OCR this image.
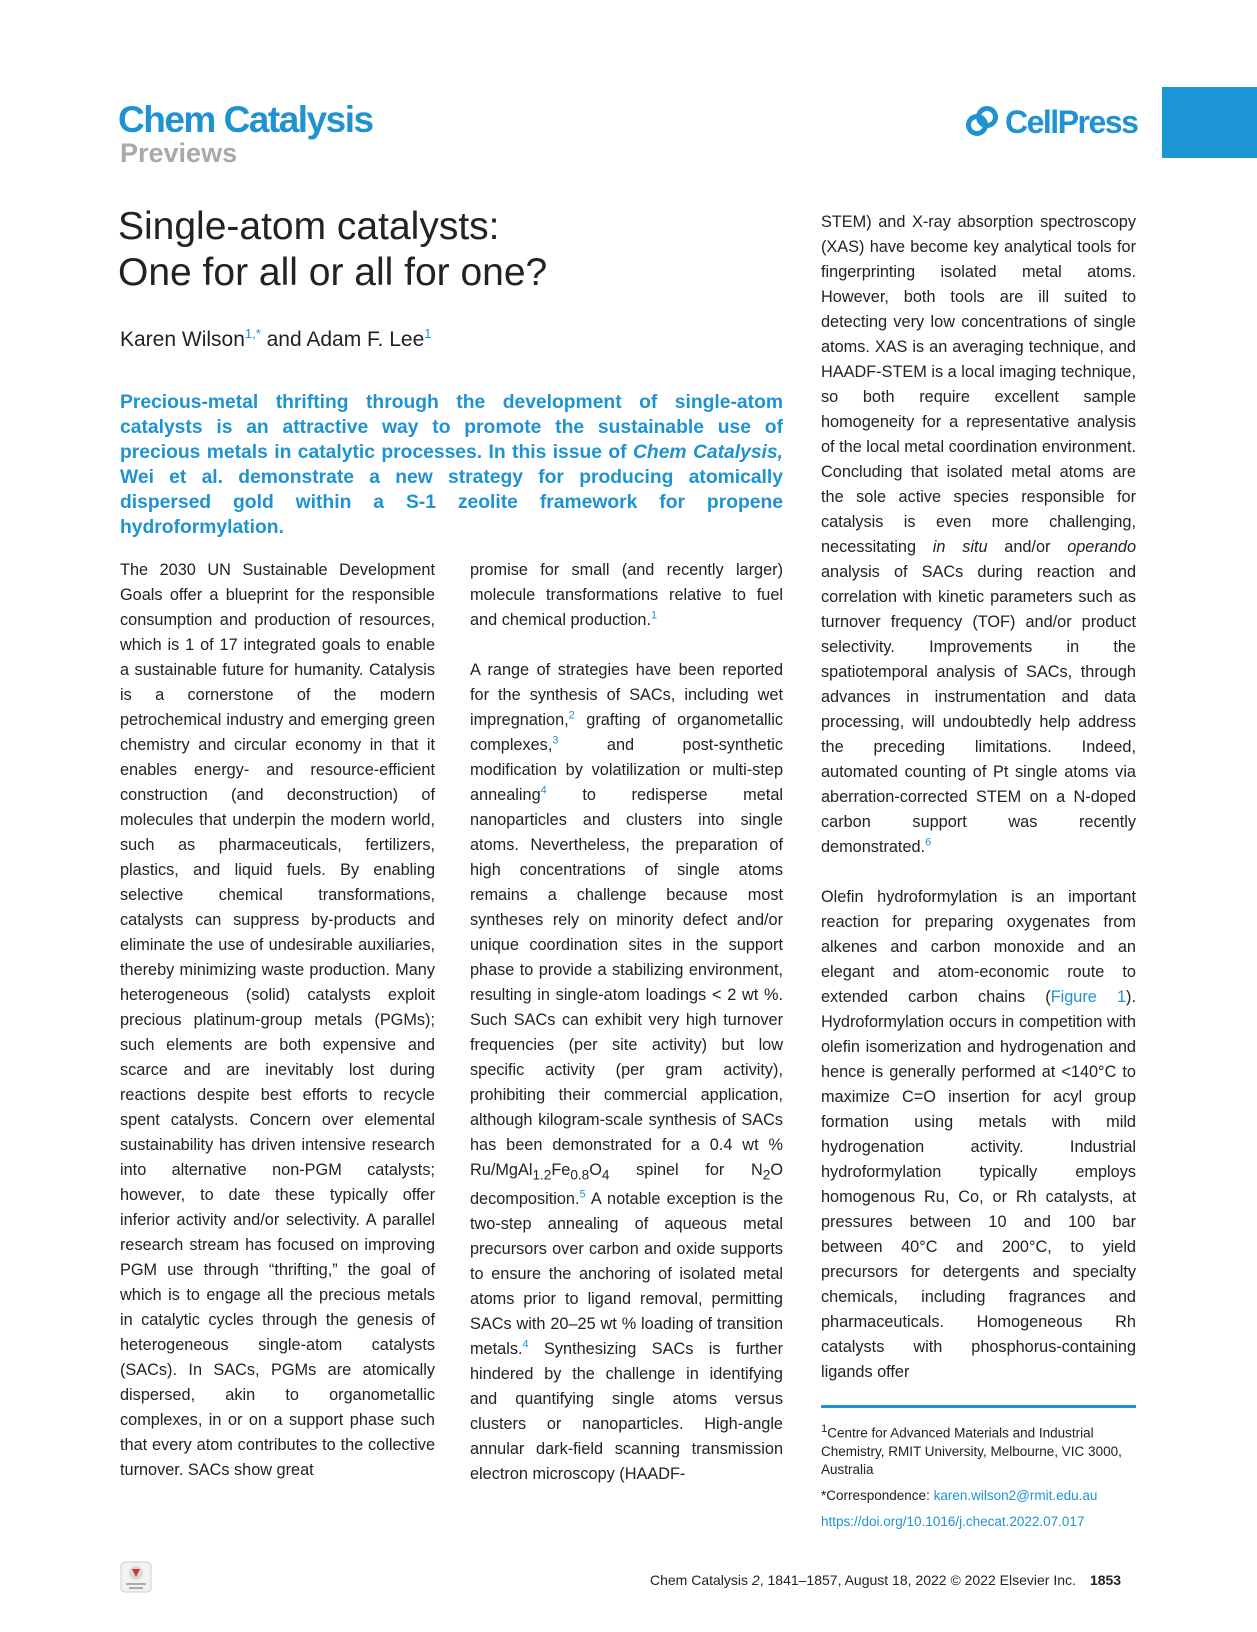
Chem Catalysis
Previews
CellPress
Single-atom catalysts:
One for all or all for one?
Karen Wilson$^{1,*}$ and Adam F. Lee$^1$
Precious-metal thrifting through the development of single-atom catalysts is an attractive way to promote the sustainable use of precious metals in catalytic processes. In this issue of Chem Catalysis, Wei et al. demonstrate a new strategy for producing atomically dispersed gold within a S-1 zeolite framework for propene hydroformylation.

The 2030 UN Sustainable Development Goals offer a blueprint for the responsible consumption and production of resources, which is 1 of 17 integrated goals to enable a sustainable future for humanity. Catalysis is a cornerstone of the modern petrochemical industry and emerging green chemistry and circular economy in that it enables energy- and resource-efficient construction (and deconstruction) of molecules that underpin the modern world, such as pharmaceuticals, fertilizers, plastics, and liquid fuels. By enabling selective chemical transformations, catalysts can suppress by-products and eliminate the use of undesirable auxiliaries, thereby minimizing waste production. Many heterogeneous (solid) catalysts exploit precious platinum-group metals (PGMs); such elements are both expensive and scarce and are inevitably lost during reactions despite best efforts to recycle spent catalysts. Concern over elemental sustainability has driven intensive research into alternative non-PGM catalysts; however, to date these typically offer inferior activity and/or selectivity. A parallel research stream has focused on improving PGM use through “thrifting,” the goal of which is to engage all the precious metals in catalytic cycles through the genesis of heterogeneous single-atom catalysts (SACs). In SACs, PGMs are atomically dispersed, akin to organometallic complexes, in or on a support phase such that every atom contributes to the collective turnover. SACs show great

promise for small (and recently larger) molecule transformations relative to fuel and chemical production.$^1$

A range of strategies have been reported for the synthesis of SACs, including wet impregnation,$^2$ grafting of organometallic complexes,$^3$ and post-synthetic modification by volatilization or multi-step annealing$^4$ to redisperse metal nanoparticles and clusters into single atoms. Nevertheless, the preparation of high concentrations of single atoms remains a challenge because most syntheses rely on minority defect and/or unique coordination sites in the support phase to provide a stabilizing environment, resulting in single-atom loadings < 2 wt %. Such SACs can exhibit very high turnover frequencies (per site activity) but low specific activity (per gram activity), prohibiting their commercial application, although kilogram-scale synthesis of SACs has been demonstrated for a 0.4 wt % $Ru/MgAl_{1.2}Fe_{0.8}O_4$ spinel for $N_2O$ decomposition.$^5$ A notable exception is the two-step annealing of aqueous metal precursors over carbon and oxide supports to ensure the anchoring of isolated metal atoms prior to ligand removal, permitting SACs with 20–25 wt % loading of transition metals.$^4$ Synthesizing SACs is further hindered by the challenge in identifying and quantifying single atoms versus clusters or nanoparticles. High-angle annular dark-field scanning transmission electron microscopy (HAADF-

STEM) and X-ray absorption spectroscopy (XAS) have become key analytical tools for fingerprinting isolated metal atoms. However, both tools are ill suited to detecting very low concentrations of single atoms. XAS is an averaging technique, and HAADF-STEM is a local imaging technique, so both require excellent sample homogeneity for a representative analysis of the local metal coordination environment. Concluding that isolated metal atoms are the sole active species responsible for catalysis is even more challenging, necessitating in situ and/or operando analysis of SACs during reaction and correlation with kinetic parameters such as turnover frequency (TOF) and/or product selectivity. Improvements in the spatiotemporal analysis of SACs, through advances in instrumentation and data processing, will undoubtedly help address the preceding limitations. Indeed, automated counting of Pt single atoms via aberration-corrected STEM on a N-doped carbon support was recently demonstrated.$^6$

Olefin hydroformylation is an important reaction for preparing oxygenates from alkenes and carbon monoxide and an elegant and atom-economic route to extended carbon chains (Figure 1). Hydroformylation occurs in competition with olefin isomerization and hydrogenation and hence is generally performed at <140°C to maximize C=O insertion for acyl group formation using metals with mild hydrogenation activity. Industrial hydroformylation typically employs homogenous Ru, Co, or Rh catalysts, at pressures between 10 and 100 bar between 40°C and 200°C, to yield precursors for detergents and specialty chemicals, including fragrances and pharmaceuticals. Homogeneous Rh catalysts with phosphorus-containing ligands offer

$^1$Centre for Advanced Materials and Industrial Chemistry, RMIT University, Melbourne, VIC 3000, Australia

*Correspondence: karen.wilson2@rmit.edu.au

https://doi.org/10.1016/j.checat.2022.07.017

Chem Catalysis 2, 1841–1857, August 18, 2022 © 2022 Elsevier Inc. 1853
